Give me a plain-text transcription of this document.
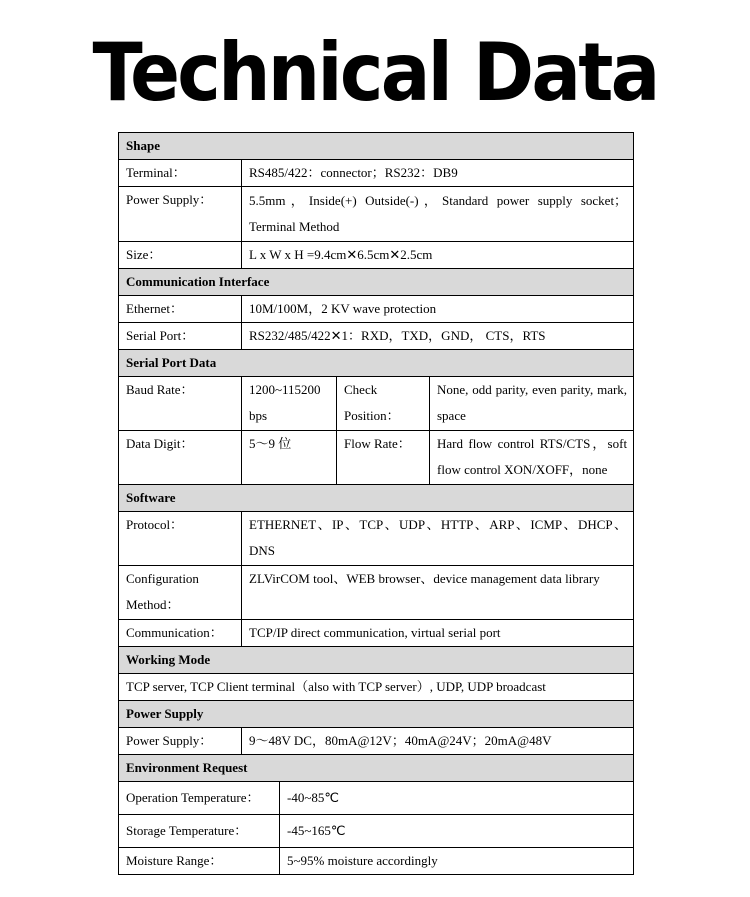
Technical Data
Shape				
Terminal：	RS485/422：connector；RS232：DB9			
Power Supply：	5.5mm，Inside(+) Outside(-)，Standard power supply socket；Terminal Method			
Size：	L x W x H =9.4cm✕6.5cm✕2.5cm			
Communication Interface				
Ethernet：	10M/100M，2 KV wave protection			
Serial Port：	RS232/485/422✕1：RXD，TXD，GND， CTS，RTS			
Serial Port Data				
Baud Rate：	1200~115200 bps		Check Position：	None, odd parity, even parity, mark, space
Data Digit：	5～9 位		Flow Rate：	Hard flow control RTS/CTS，soft flow control XON/XOFF，none
Software				
Protocol：	ETHERNET、IP、TCP、UDP、HTTP、ARP、ICMP、DHCP、DNS			
Configuration Method：	ZLVirCOM tool、WEB browser、device management data library			
Communication：	TCP/IP direct communication, virtual serial port			
Working Mode				
TCP server, TCP Client terminal（also with TCP server）, UDP, UDP broadcast				
Power Supply				
Power Supply：	9～48V DC，80mA@12V；40mA@24V；20mA@48V			
Environment Request				
Operation Temperature：		-40~85℃		
Storage Temperature：		-45~165℃		
Moisture Range：		5~95% moisture accordingly		
